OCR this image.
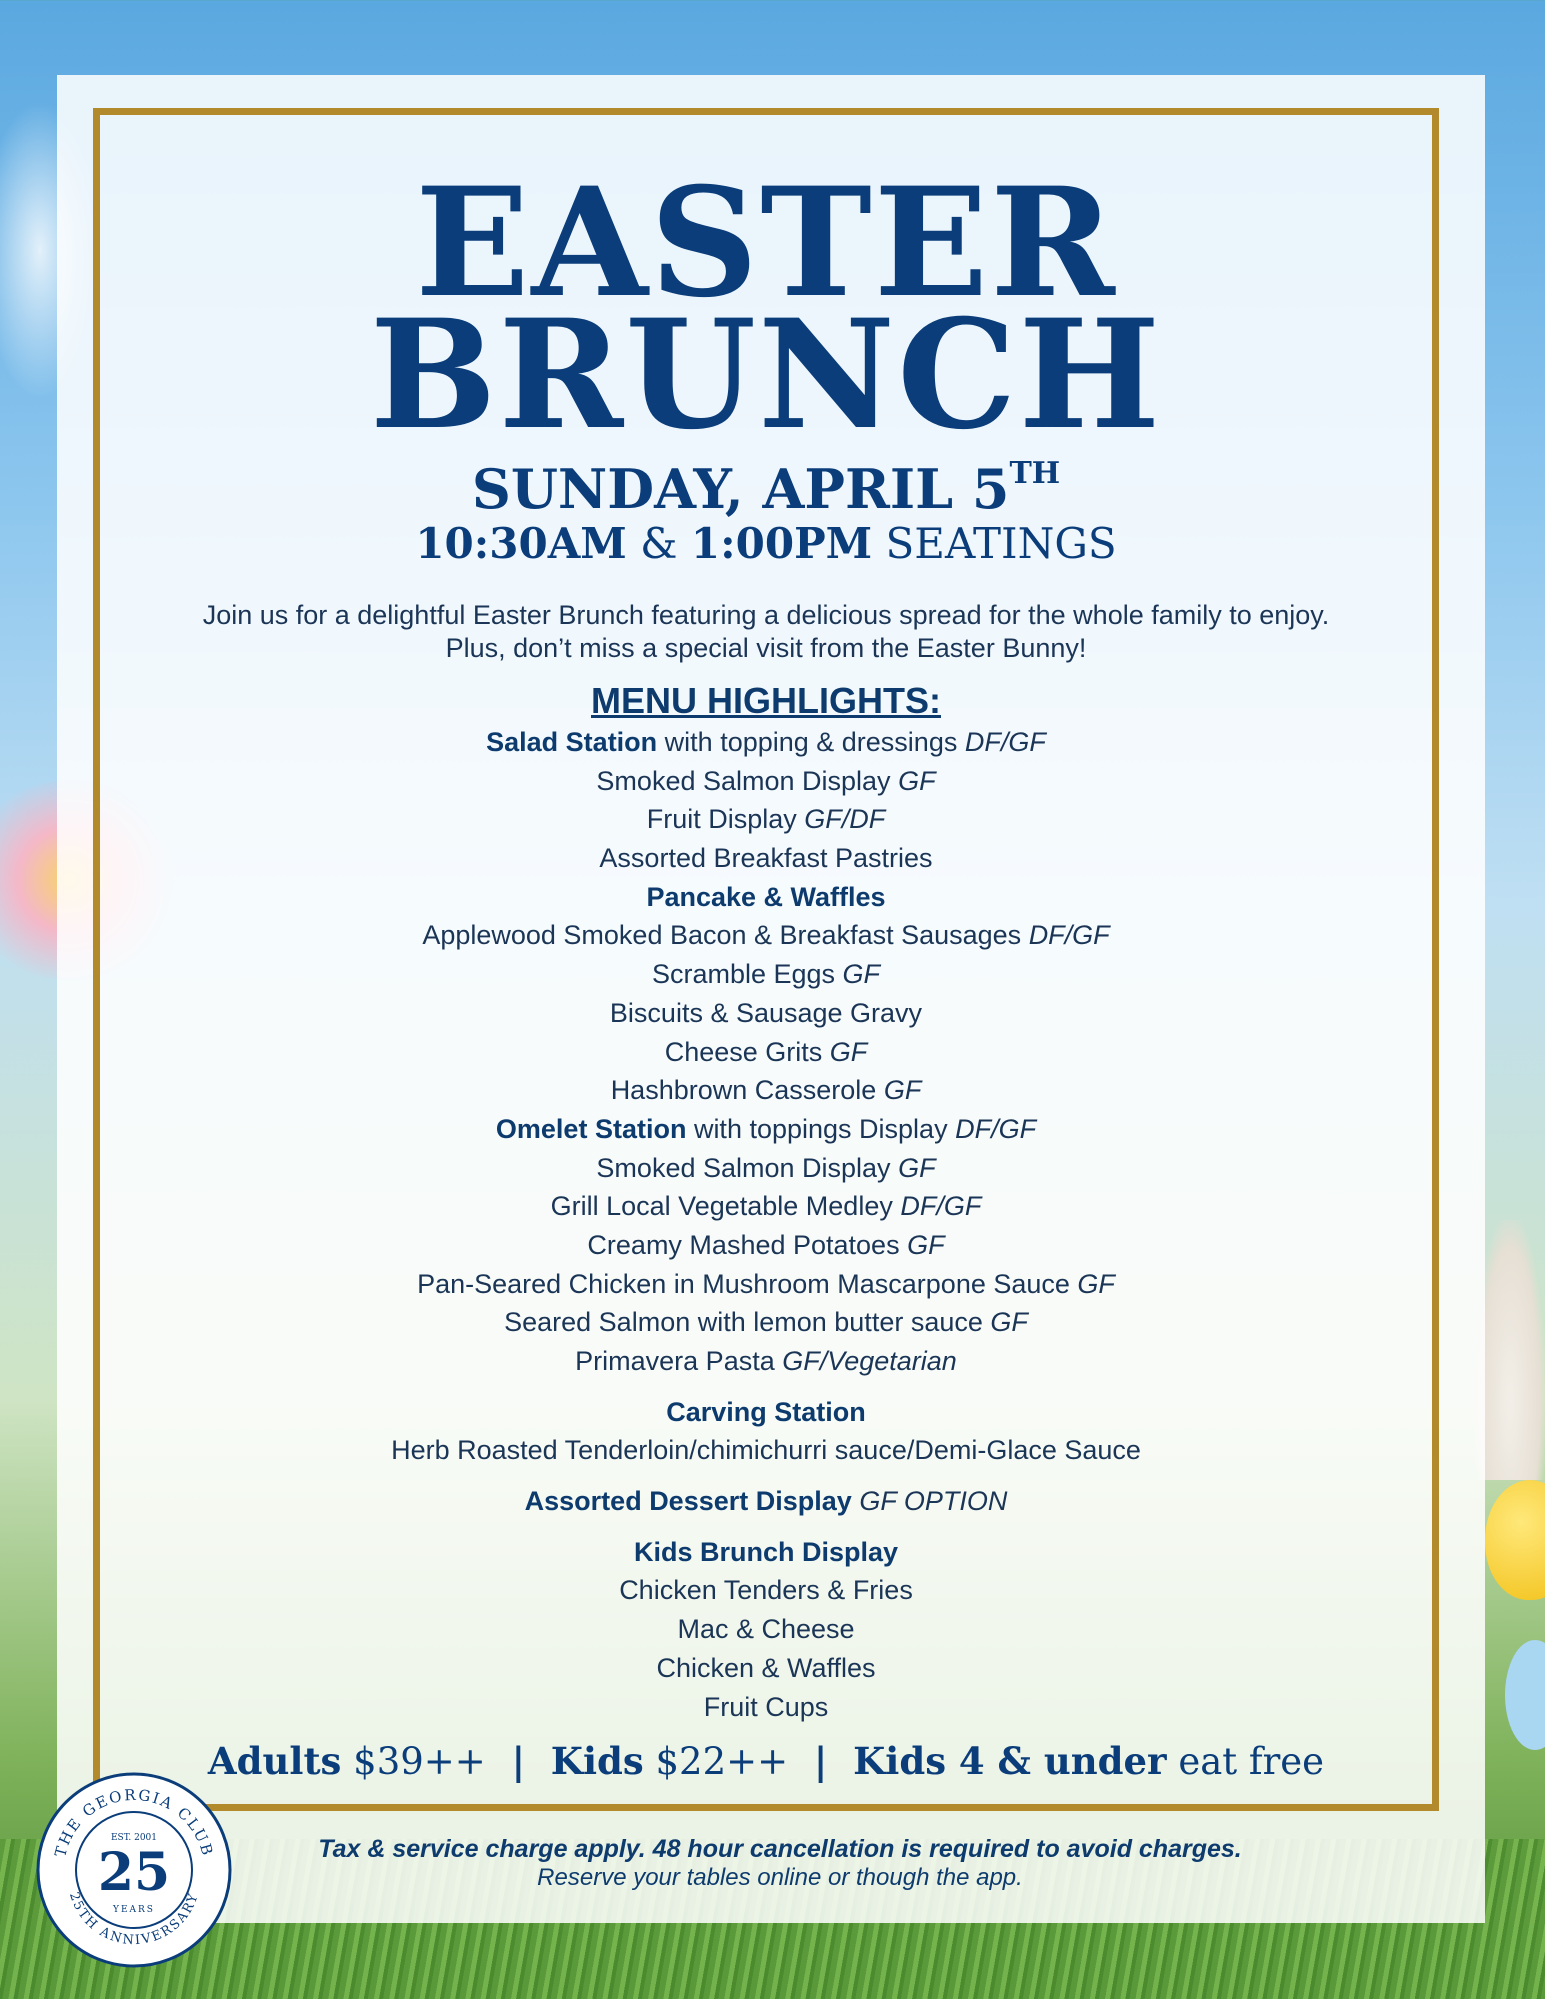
EASTER
BRUNCH
SUNDAY, APRIL 5TH
10:30AM & 1:00PM SEATINGS
Join us for a delightful Easter Brunch featuring a delicious spread for the whole family to enjoy.
Plus, don’t miss a special visit from the Easter Bunny!
MENU HIGHLIGHTS:
Salad Station with topping & dressings DF/GF
Smoked Salmon Display GF
Fruit Display GF/DF
Assorted Breakfast Pastries
Pancake & Waffles
Applewood Smoked Bacon & Breakfast Sausages DF/GF
Scramble Eggs GF
Biscuits & Sausage Gravy
Cheese Grits GF
Hashbrown Casserole GF
Omelet Station with toppings Display DF/GF
Smoked Salmon Display GF
Grill Local Vegetable Medley DF/GF
Creamy Mashed Potatoes GF
Pan-Seared Chicken in Mushroom Mascarpone Sauce GF
Seared Salmon with lemon butter sauce GF
Primavera Pasta GF/Vegetarian
Carving Station
Herb Roasted Tenderloin/chimichurri sauce/Demi-Glace Sauce
Assorted Dessert Display GF OPTION
Kids Brunch Display
Chicken Tenders & Fries
Mac & Cheese
Chicken & Waffles
Fruit Cups
Adults $39++ | Kids $22++ | Kids 4 & under eat free
Tax & service charge apply. 48 hour cancellation is required to avoid charges.
Reserve your tables online or though the app.
THE GEORGIA CLUB
25TH ANNIVERSARY
EST. 2001
25
YEARS
